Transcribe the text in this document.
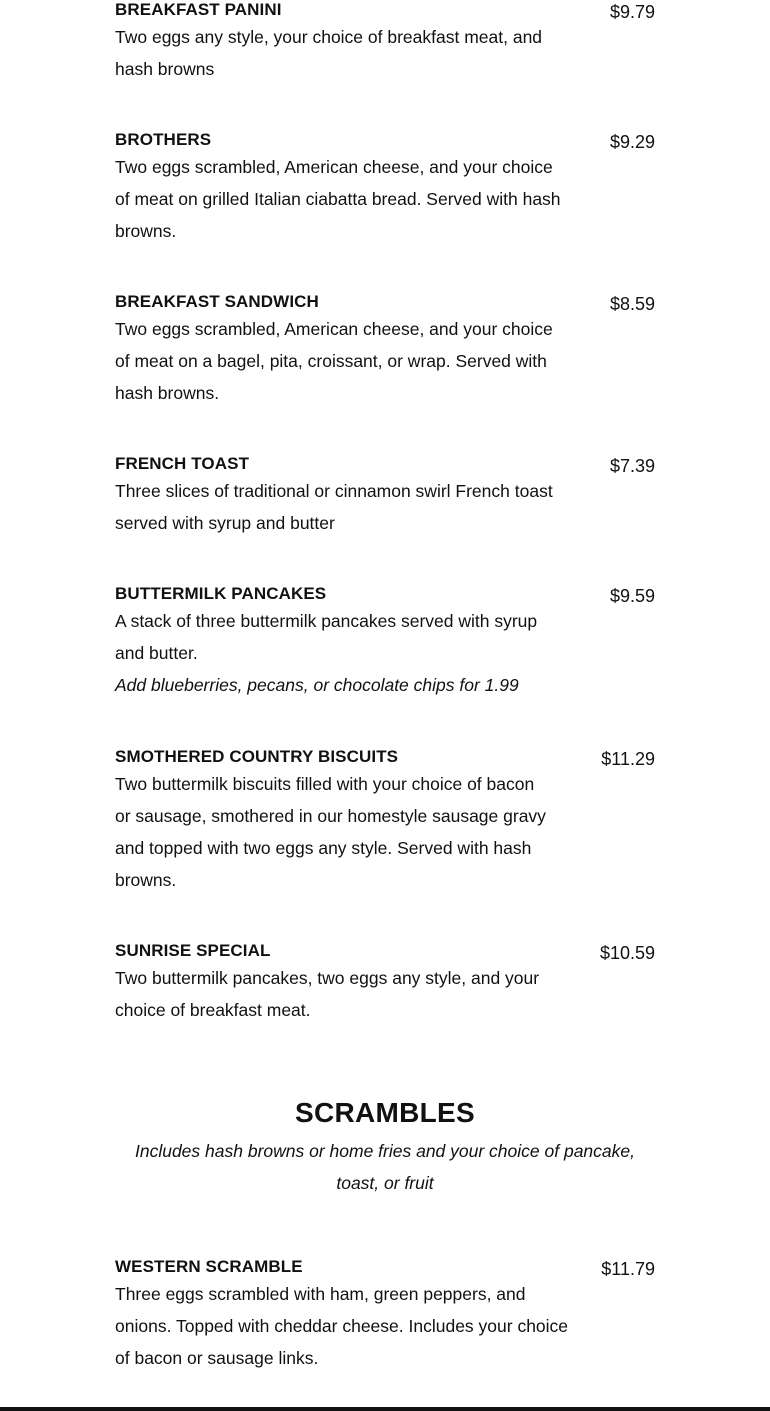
BREAKFAST PANINI	$9.79
Two eggs any style, your choice of breakfast meat, and
hash browns
BROTHERS	$9.29
Two eggs scrambled, American cheese, and your choice
of meat on grilled Italian ciabatta bread. Served with hash
browns.
BREAKFAST SANDWICH	$8.59
Two eggs scrambled, American cheese, and your choice
of meat on a bagel, pita, croissant, or wrap. Served with
hash browns.
FRENCH TOAST	$7.39
Three slices of traditional or cinnamon swirl French toast
served with syrup and butter
BUTTERMILK PANCAKES	$9.59
A stack of three buttermilk pancakes served with syrup
and butter.
Add blueberries, pecans, or chocolate chips for 1.99
SMOTHERED COUNTRY BISCUITS	$11.29
Two buttermilk biscuits filled with your choice of bacon
or sausage, smothered in our homestyle sausage gravy
and topped with two eggs any style. Served with hash
browns.
SUNRISE SPECIAL	$10.59
Two buttermilk pancakes, two eggs any style, and your
choice of breakfast meat.
SCRAMBLES
Includes hash browns or home fries and your choice of pancake,
toast, or fruit
WESTERN SCRAMBLE	$11.79
Three eggs scrambled with ham, green peppers, and
onions. Topped with cheddar cheese. Includes your choice
of bacon or sausage links.
